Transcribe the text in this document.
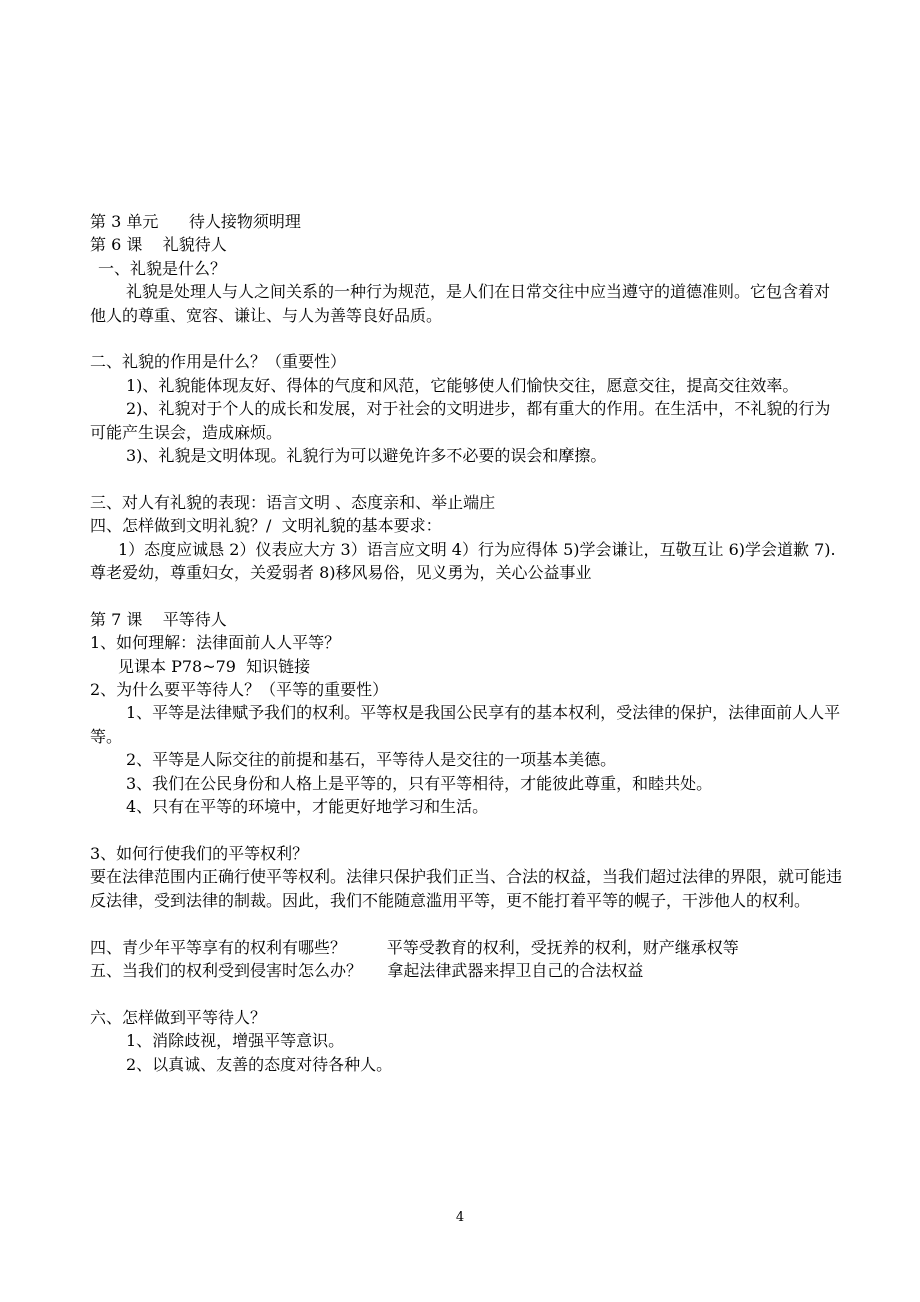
第 3 单元      待人接物须明理
第 6 课    礼貌待人
一、礼貌是什么？
礼貌是处理人与人之间关系的一种行为规范，是人们在日常交往中应当遵守的道德准则。它包含着对他人的尊重、宽容、谦让、与人为善等良好品质。
二、礼貌的作用是什么？（重要性）
1)、礼貌能体现友好、得体的气度和风范，它能够使人们愉快交往，愿意交往，提高交往效率。
2)、礼貌对于个人的成长和发展，对于社会的文明进步，都有重大的作用。在生活中，不礼貌的行为可能产生误会，造成麻烦。
3)、礼貌是文明体现。礼貌行为可以避免许多不必要的误会和摩擦。
三、对人有礼貌的表现：语言文明 、态度亲和、举止端庄
四、怎样做到文明礼貌？/  文明礼貌的基本要求：
1）态度应诚恳 2）仪表应大方 3）语言应文明 4）行为应得体 5)学会谦让，互敬互让 6)学会道歉 7).尊老爱幼，尊重妇女，关爱弱者 8)移风易俗，见义勇为，关心公益事业
第 7 课    平等待人
1、如何理解：法律面前人人平等？
见课本 P78~79  知识链接
2、为什么要平等待人？（平等的重要性）
1、平等是法律赋予我们的权利。平等权是我国公民享有的基本权利，受法律的保护，法律面前人人平等。
2、平等是人际交往的前提和基石，平等待人是交往的一项基本美德。
3、我们在公民身份和人格上是平等的，只有平等相待，才能彼此尊重，和睦共处。
4、只有在平等的环境中，才能更好地学习和生活。
3、如何行使我们的平等权利？
要在法律范围内正确行使平等权利。法律只保护我们正当、合法的权益，当我们超过法律的界限，就可能违反法律，受到法律的制裁。因此，我们不能随意滥用平等，更不能打着平等的幌子，干涉他人的权利。
四、青少年平等享有的权利有哪些？        平等受教育的权利，受抚养的权利，财产继承权等
五、当我们的权利受到侵害时怎么办？     拿起法律武器来捍卫自己的合法权益
六、怎样做到平等待人？
1、消除歧视，增强平等意识。
2、以真诚、友善的态度对待各种人。
4
